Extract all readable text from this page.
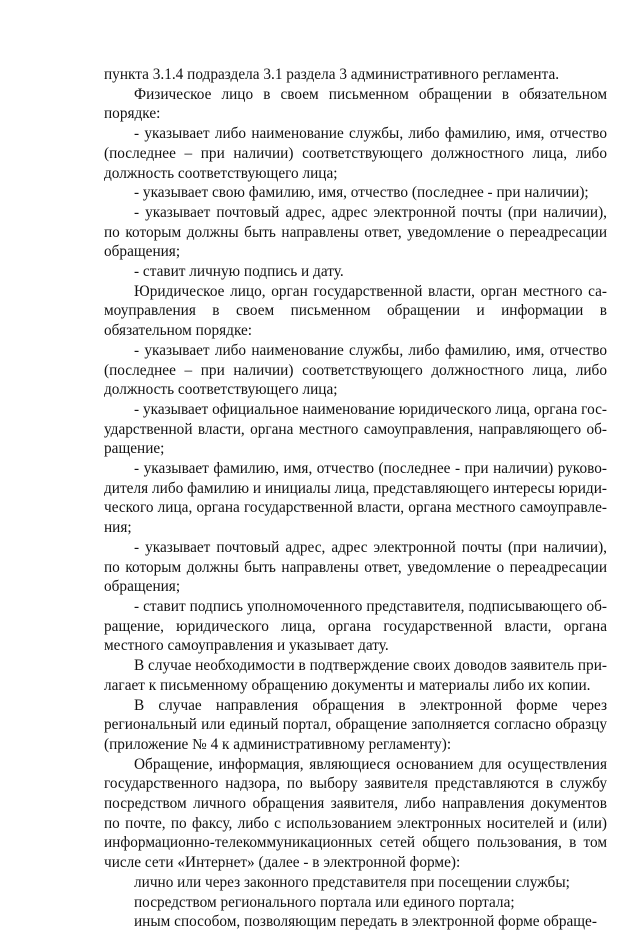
пункта 3.1.4 подраздела 3.1 раздела 3 административного регламента.

Физическое лицо в своем письменном обращении в обязательном порядке:

- указывает либо наименование службы, либо фамилию, имя, отчество (последнее – при наличии) соответствующего должностного лица, либо должность соответствующего лица;

- указывает свою фамилию, имя, отчество (последнее - при наличии);

- указывает почтовый адрес, адрес электронной почты (при наличии), по которым должны быть направлены ответ, уведомление о переадресации обращения;

- ставит личную подпись и дату.

Юридическое лицо, орган государственной власти, орган местного самоуправления в своем письменном обращении и информации в обязательном порядке:

- указывает либо наименование службы, либо фамилию, имя, отчество (последнее – при наличии) соответствующего должностного лица, либо должность соответствующего лица;

- указывает официальное наименование юридического лица, органа государственной власти, органа местного самоуправления, направляющего обращение;

- указывает фамилию, имя, отчество (последнее - при наличии) руководителя либо фамилию и инициалы лица, представляющего интересы юридического лица, органа государственной власти, органа местного самоуправления;

- указывает почтовый адрес, адрес электронной почты (при наличии), по которым должны быть направлены ответ, уведомление о переадресации обращения;

- ставит подпись уполномоченного представителя, подписывающего обращение, юридического лица, органа государственной власти, органа местного самоуправления и указывает дату.

В случае необходимости в подтверждение своих доводов заявитель прилагает к письменному обращению документы и материалы либо их копии.

В случае направления обращения в электронной форме через региональный или единый портал, обращение заполняется согласно образцу (приложение № 4 к административному регламенту):

Обращение, информация, являющиеся основанием для осуществления государственного надзора, по выбору заявителя представляются в службу посредством личного обращения заявителя, либо направления документов по почте, по факсу, либо с использованием электронных носителей и (или) информационно-телекоммуникационных сетей общего пользования, в том числе сети «Интернет» (далее - в электронной форме):

лично или через законного представителя при посещении службы;

посредством регионального портала или единого портала;

иным способом, позволяющим передать в электронной форме обраще-
